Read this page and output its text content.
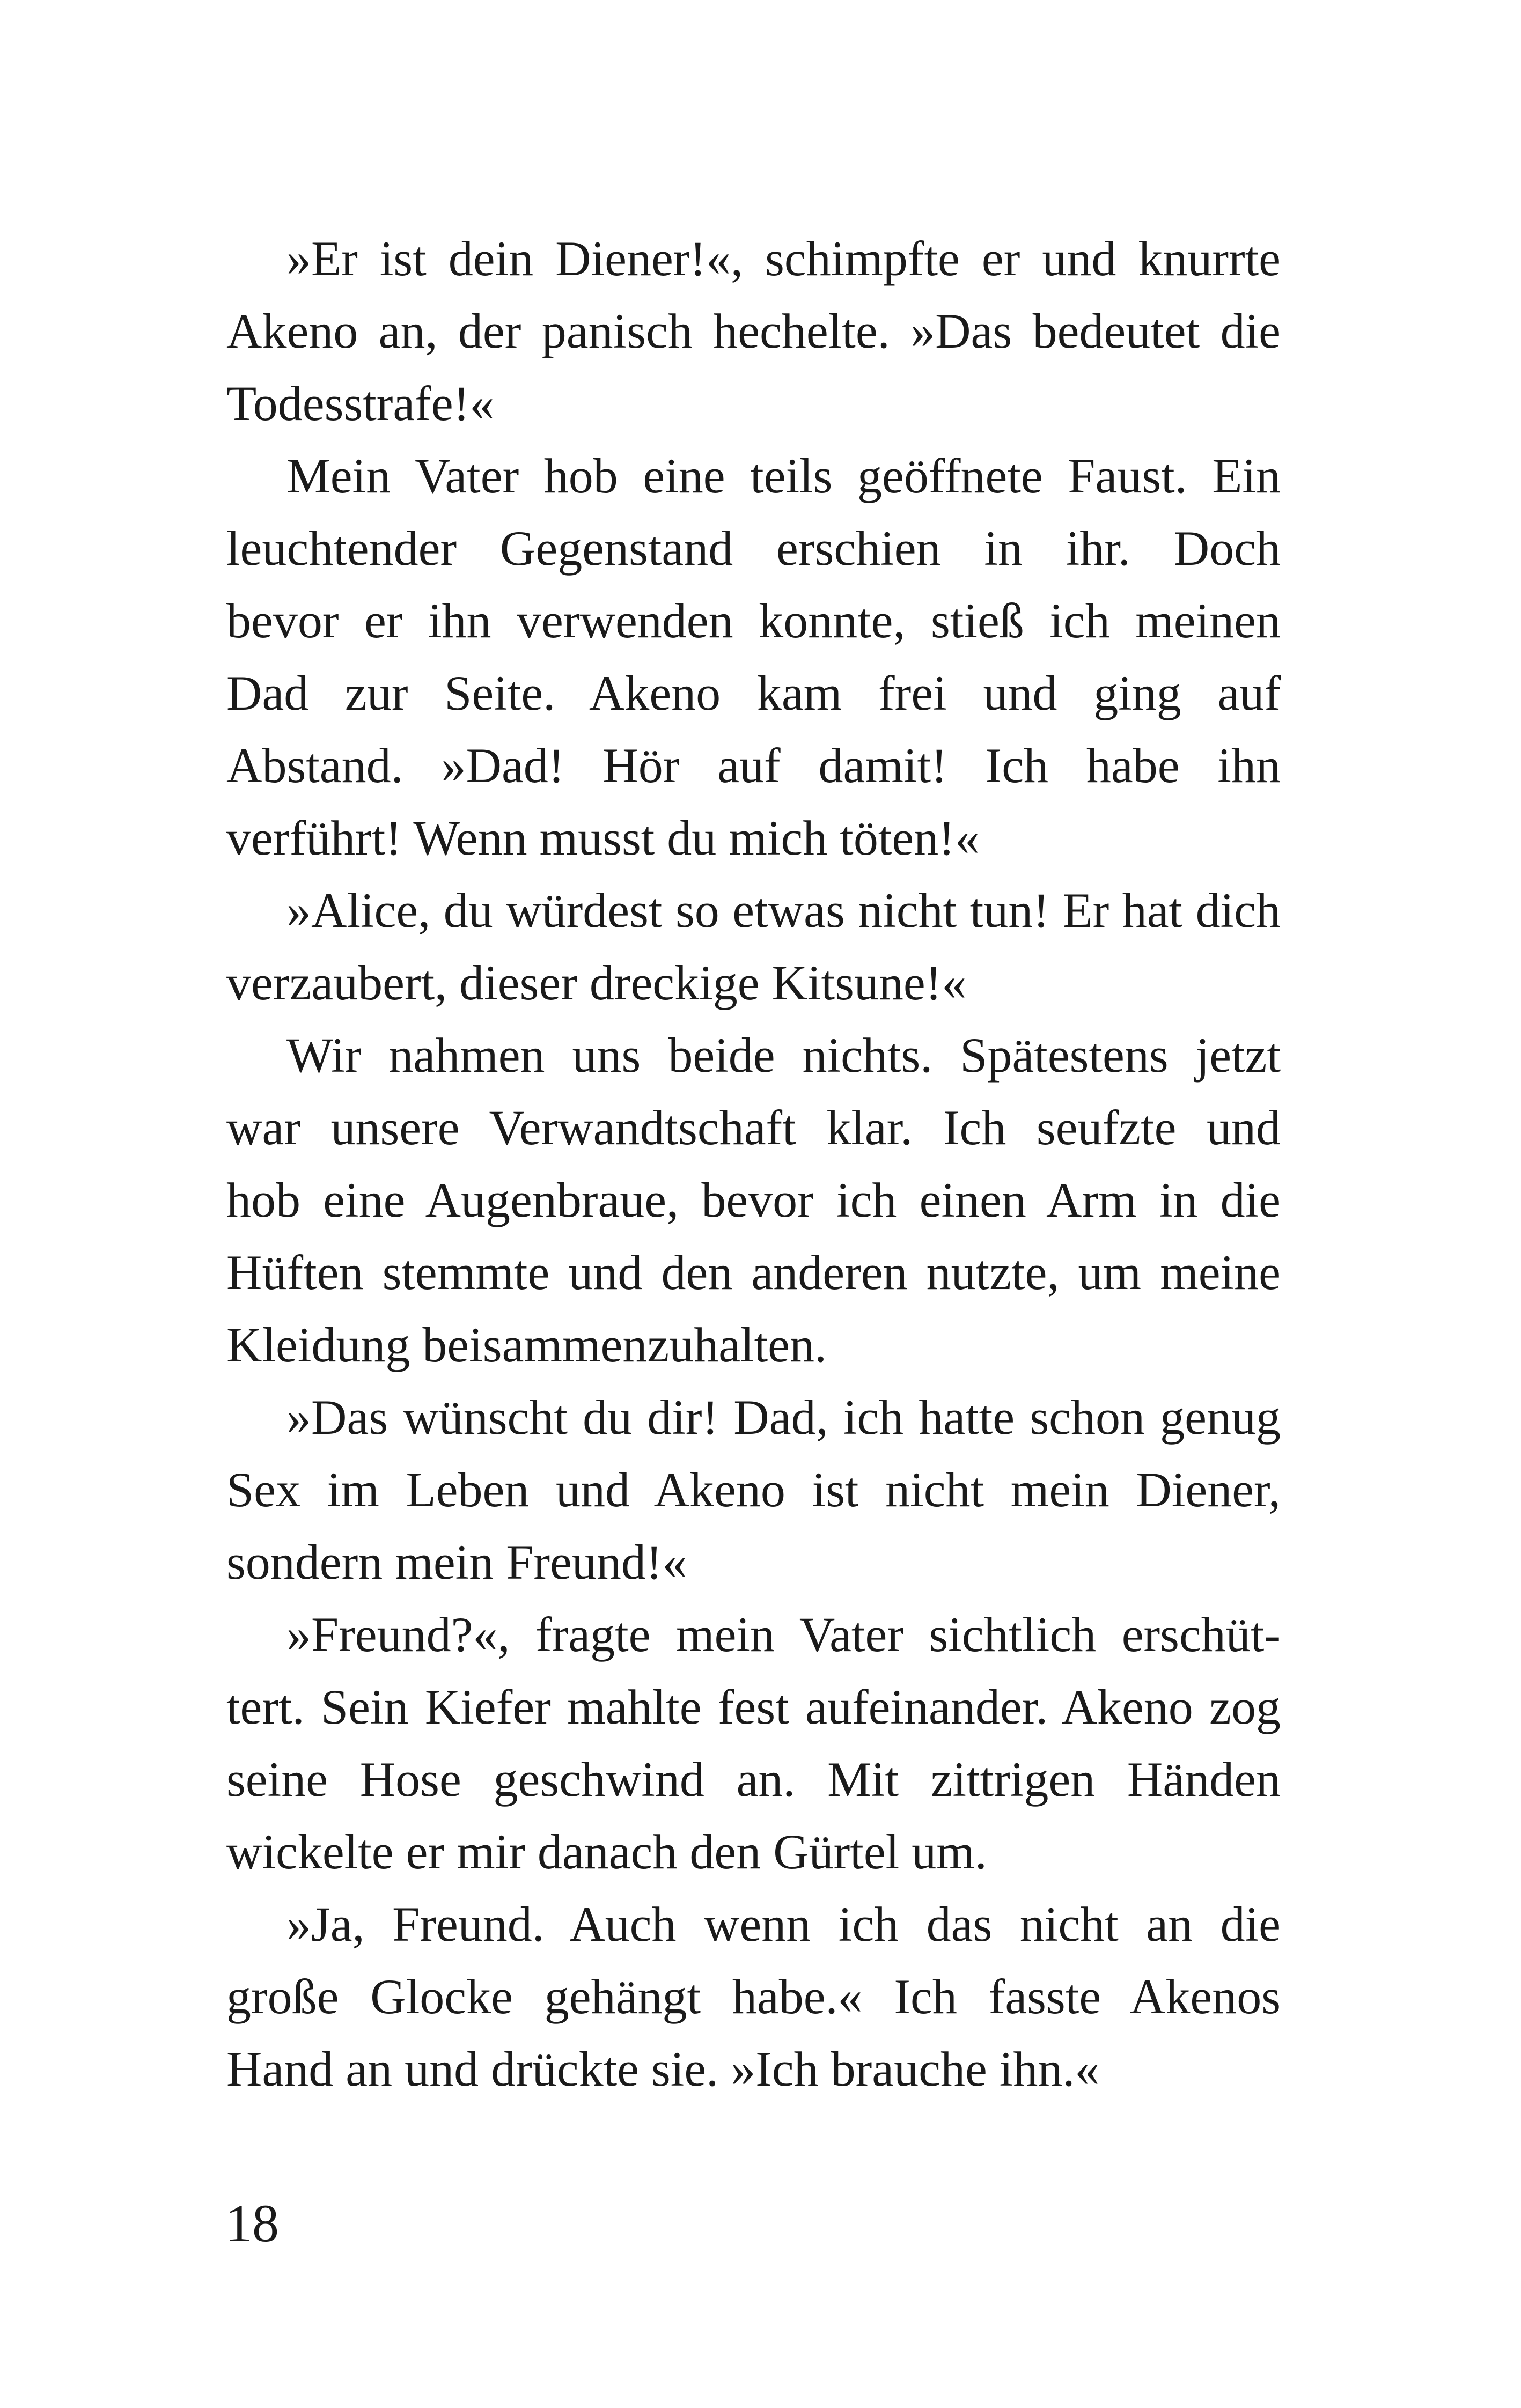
»Er ist dein Diener!«, schimpfte er und knurrte
Akeno an, der panisch hechelte. »Das bedeutet die
Todesstrafe!«
Mein Vater hob eine teils geöffnete Faust. Ein
leuchtender Gegenstand erschien in ihr. Doch
bevor er ihn verwenden konnte, stieß ich meinen
Dad zur Seite. Akeno kam frei und ging auf
Abstand. »Dad! Hör auf damit! Ich habe ihn
verführt! Wenn musst du mich töten!«
»Alice, du würdest so etwas nicht tun! Er hat dich
verzaubert, dieser dreckige Kitsune!«
Wir nahmen uns beide nichts. Spätestens jetzt
war unsere Verwandtschaft klar. Ich seufzte und
hob eine Augenbraue, bevor ich einen Arm in die
Hüften stemmte und den anderen nutzte, um meine
Kleidung beisammenzuhalten.
»Das wünscht du dir! Dad, ich hatte schon genug
Sex im Leben und Akeno ist nicht mein Diener,
sondern mein Freund!«
»Freund?«, fragte mein Vater sichtlich erschüt-
tert. Sein Kiefer mahlte fest aufeinander. Akeno zog
seine Hose geschwind an. Mit zittrigen Händen
wickelte er mir danach den Gürtel um.
»Ja, Freund. Auch wenn ich das nicht an die
große Glocke gehängt habe.« Ich fasste Akenos
Hand an und drückte sie. »Ich brauche ihn.«
18
